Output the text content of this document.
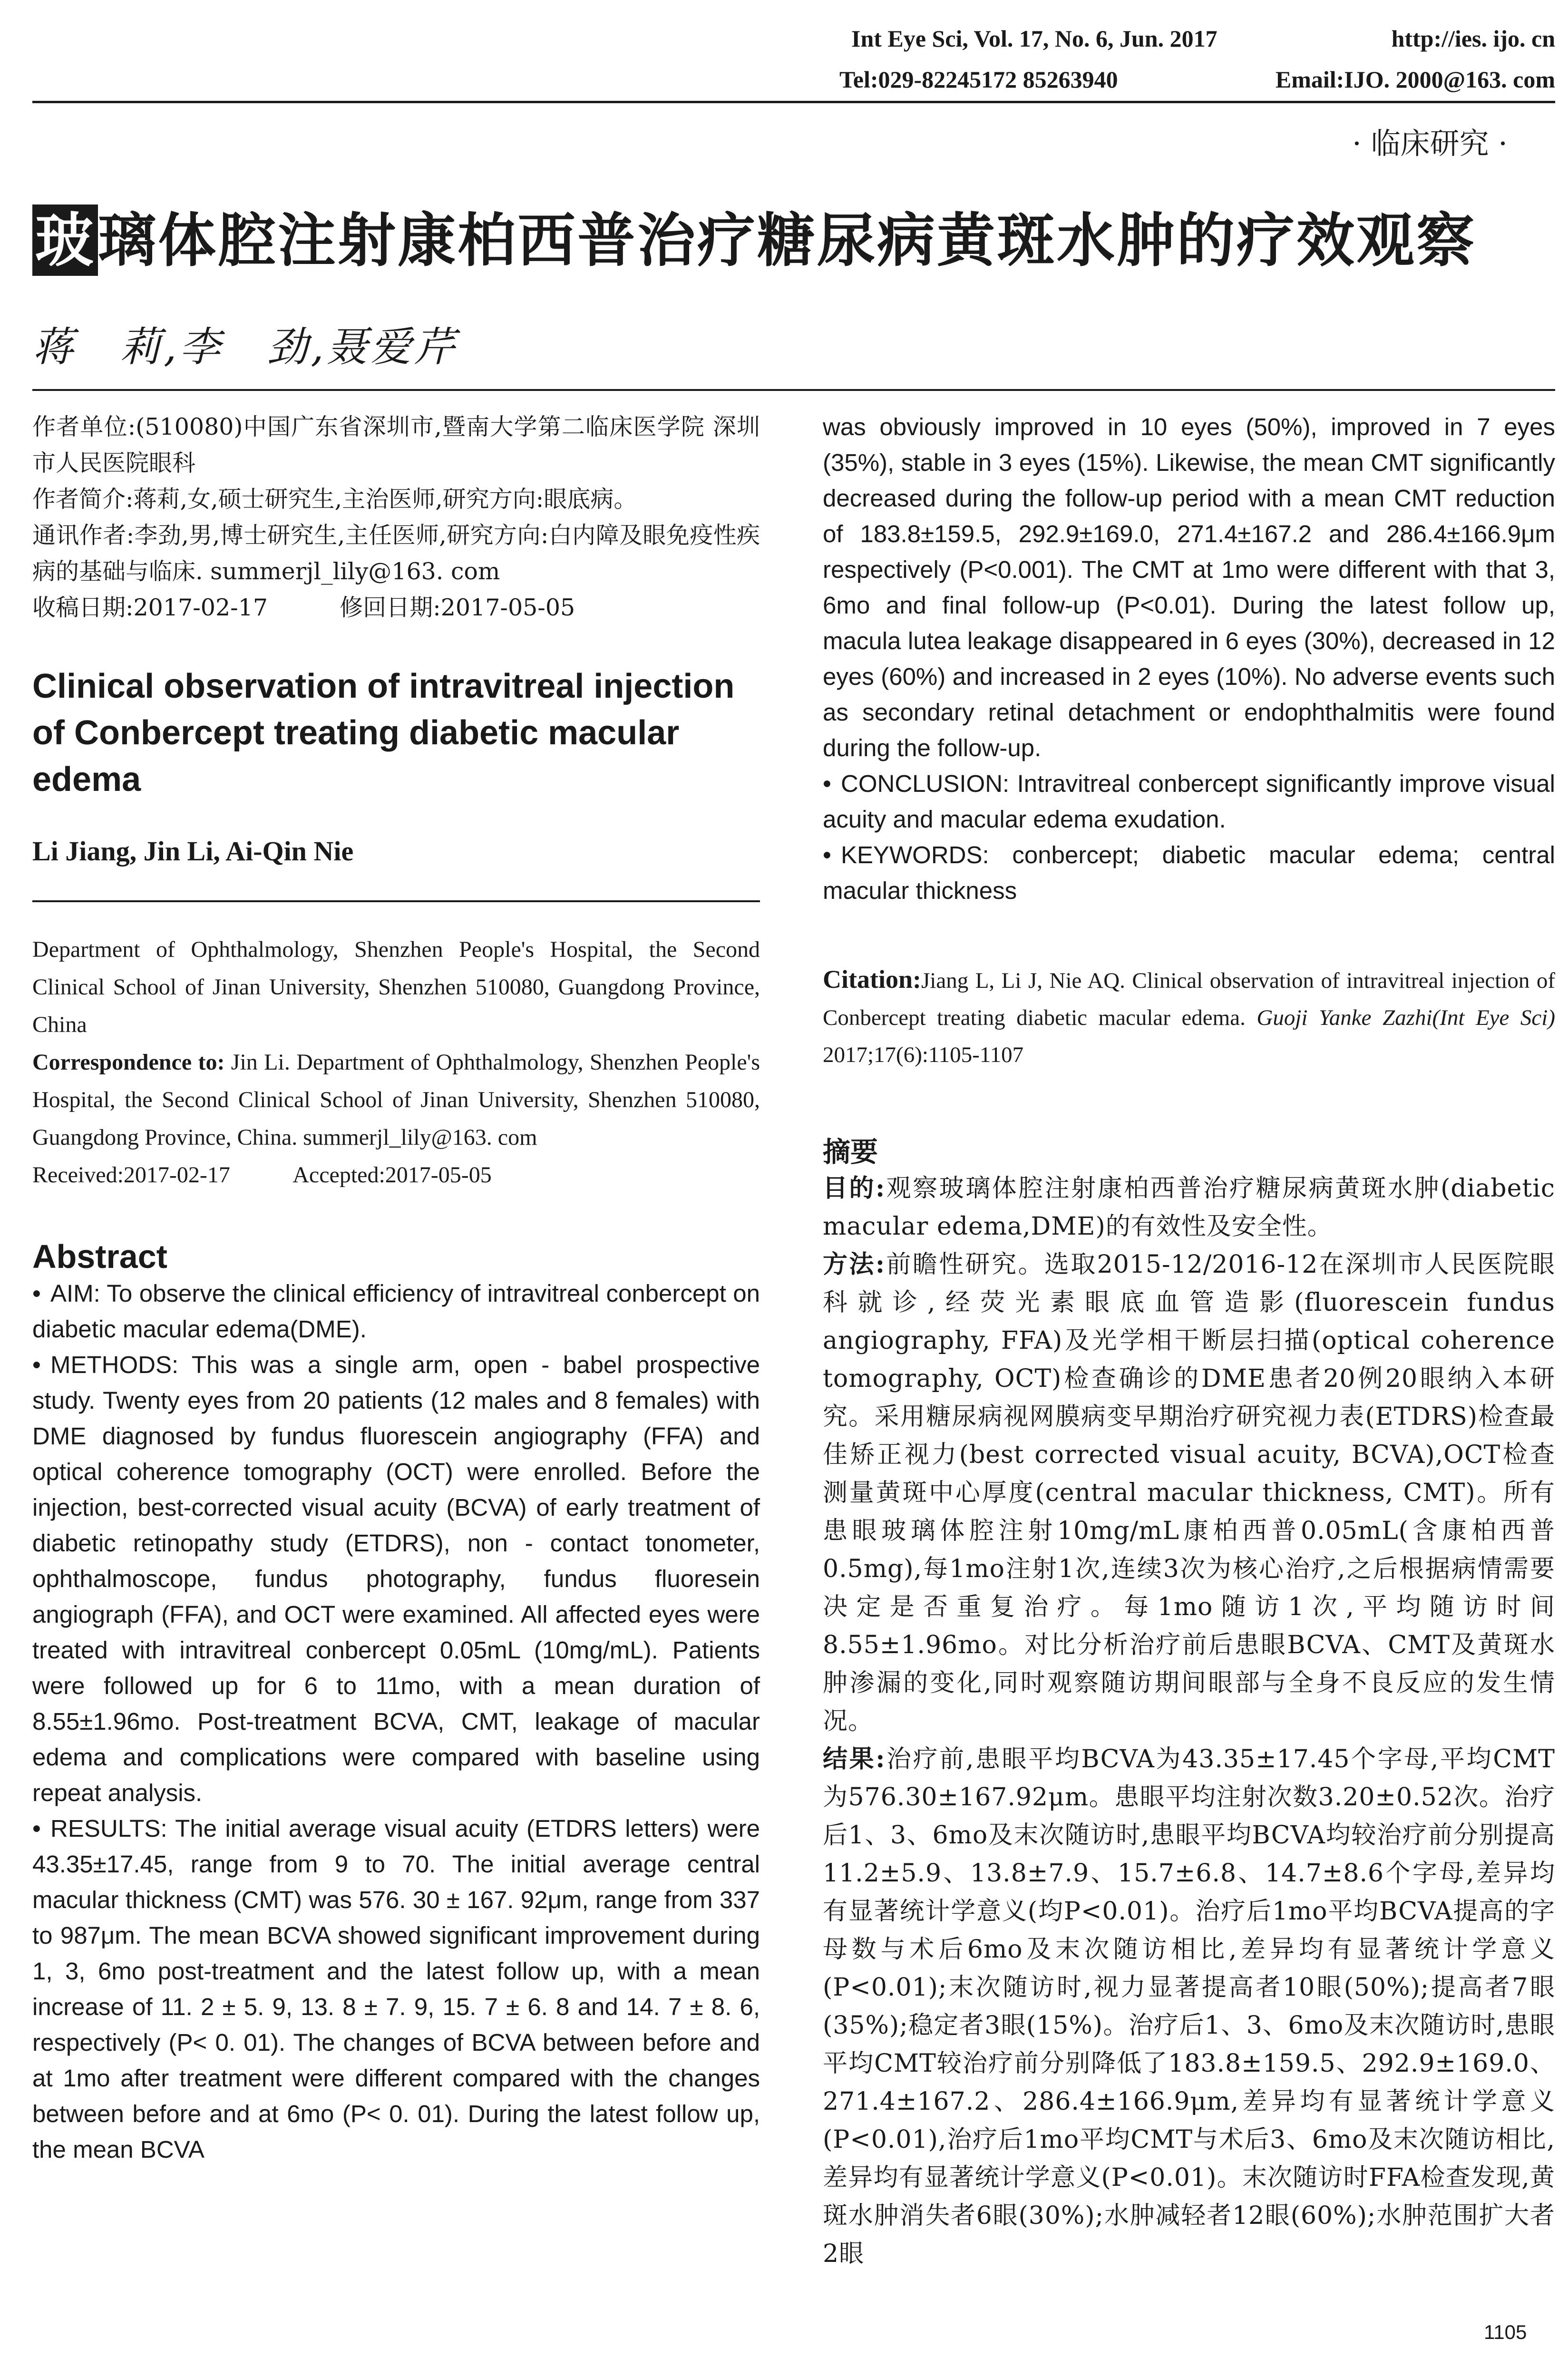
Int Eye Sci, Vol. 17, No. 6, Jun. 2017	http://ies. ijo. cn
Tel:029-82245172 85263940	Email:IJO. 2000@163. com
· 临床研究 ·
玻璃体腔注射康柏西普治疗糖尿病黄斑水肿的疗效观察
蒋　莉,李　劲,聂爱芹

作者单位:(510080)中国广东省深圳市,暨南大学第二临床医学院 深圳市人民医院眼科

作者简介:蒋莉,女,硕士研究生,主治医师,研究方向:眼底病。

通讯作者:李劲,男,博士研究生,主任医师,研究方向:白内障及眼免疫性疾病的基础与临床. summerjl_lily@163. com

收稿日期:2017-02-17	修回日期:2017-05-05

Clinical observation of intravitreal injection of Conbercept treating diabetic macular edema
Li Jiang, Jin Li, Ai-Qin Nie

Department of Ophthalmology, Shenzhen People's Hospital, the Second Clinical School of Jinan University, Shenzhen 510080, Guangdong Province, China

Correspondence to: Jin Li. Department of Ophthalmology, Shenzhen People's Hospital, the Second Clinical School of Jinan University, Shenzhen 510080, Guangdong Province, China. summerjl_lily@163. com

Received:2017-02-17	Accepted:2017-05-05

Abstract

• AIM: To observe the clinical efficiency of intravitreal conbercept on diabetic macular edema(DME).

• METHODS: This was a single arm, open - babel prospective study. Twenty eyes from 20 patients (12 males and 8 females) with DME diagnosed by fundus fluorescein angiography (FFA) and optical coherence tomography (OCT) were enrolled. Before the injection, best-corrected visual acuity (BCVA) of early treatment of diabetic retinopathy study (ETDRS), non - contact tonometer, ophthalmoscope, fundus photography, fundus fluoresein angiograph (FFA), and OCT were examined. All affected eyes were treated with intravitreal conbercept 0.05mL (10mg/mL). Patients were followed up for 6 to 11mo, with a mean duration of 8.55±1.96mo. Post-treatment BCVA, CMT, leakage of macular edema and complications were compared with baseline using repeat analysis.

• RESULTS: The initial average visual acuity (ETDRS letters) were 43.35±17.45, range from 9 to 70. The initial average central macular thickness (CMT) was 576. 30 ± 167. 92μm, range from 337 to 987μm. The mean BCVA showed significant improvement during 1, 3, 6mo post-treatment and the latest follow up, with a mean increase of 11. 2 ± 5. 9, 13. 8 ± 7. 9, 15. 7 ± 6. 8 and 14. 7 ± 8. 6, respectively (P< 0. 01). The changes of BCVA between before and at 1mo after treatment were different compared with the changes between before and at 6mo (P< 0. 01). During the latest follow up, the mean BCVA

was obviously improved in 10 eyes (50%), improved in 7 eyes (35%), stable in 3 eyes (15%). Likewise, the mean CMT significantly decreased during the follow-up period with a mean CMT reduction of 183.8±159.5, 292.9±169.0, 271.4±167.2 and 286.4±166.9μm respectively (P<0.001). The CMT at 1mo were different with that 3, 6mo and final follow-up (P<0.01). During the latest follow up, macula lutea leakage disappeared in 6 eyes (30%), decreased in 12 eyes (60%) and increased in 2 eyes (10%). No adverse events such as secondary retinal detachment or endophthalmitis were found during the follow-up.

• CONCLUSION: Intravitreal conbercept significantly improve visual acuity and macular edema exudation.

• KEYWORDS: conbercept; diabetic macular edema; central macular thickness

Citation:Jiang L, Li J, Nie AQ. Clinical observation of intravitreal injection of Conbercept treating diabetic macular edema. Guoji Yanke Zazhi(Int Eye Sci) 2017;17(6):1105-1107
摘要

目的:观察玻璃体腔注射康柏西普治疗糖尿病黄斑水肿(diabetic macular edema,DME)的有效性及安全性。

方法:前瞻性研究。选取2015-12/2016-12在深圳市人民医院眼科就诊,经荧光素眼底血管造影(fluorescein fundus angiography, FFA)及光学相干断层扫描(optical coherence tomography, OCT)检查确诊的DME患者20例20眼纳入本研究。采用糖尿病视网膜病变早期治疗研究视力表(ETDRS)检查最佳矫正视力(best corrected visual acuity, BCVA),OCT检查测量黄斑中心厚度(central macular thickness, CMT)。所有患眼玻璃体腔注射10mg/mL康柏西普0.05mL(含康柏西普0.5mg),每1mo注射1次,连续3次为核心治疗,之后根据病情需要决定是否重复治疗。每1mo随访1次,平均随访时间8.55±1.96mo。对比分析治疗前后患眼BCVA、CMT及黄斑水肿渗漏的变化,同时观察随访期间眼部与全身不良反应的发生情况。

结果:治疗前,患眼平均BCVA为43.35±17.45个字母,平均CMT为576.30±167.92μm。患眼平均注射次数3.20±0.52次。治疗后1、3、6mo及末次随访时,患眼平均BCVA均较治疗前分别提高11.2±5.9、13.8±7.9、15.7±6.8、14.7±8.6个字母,差异均有显著统计学意义(均P<0.01)。治疗后1mo平均BCVA提高的字母数与术后6mo及末次随访相比,差异均有显著统计学意义(P<0.01);末次随访时,视力显著提高者10眼(50%);提高者7眼(35%);稳定者3眼(15%)。治疗后1、3、6mo及末次随访时,患眼平均CMT较治疗前分别降低了183.8±159.5、292.9±169.0、271.4±167.2、286.4±166.9μm,差异均有显著统计学意义(P<0.01),治疗后1mo平均CMT与术后3、6mo及末次随访相比,差异均有显著统计学意义(P<0.01)。末次随访时FFA检查发现,黄斑水肿消失者6眼(30%);水肿减轻者12眼(60%);水肿范围扩大者2眼

1105
